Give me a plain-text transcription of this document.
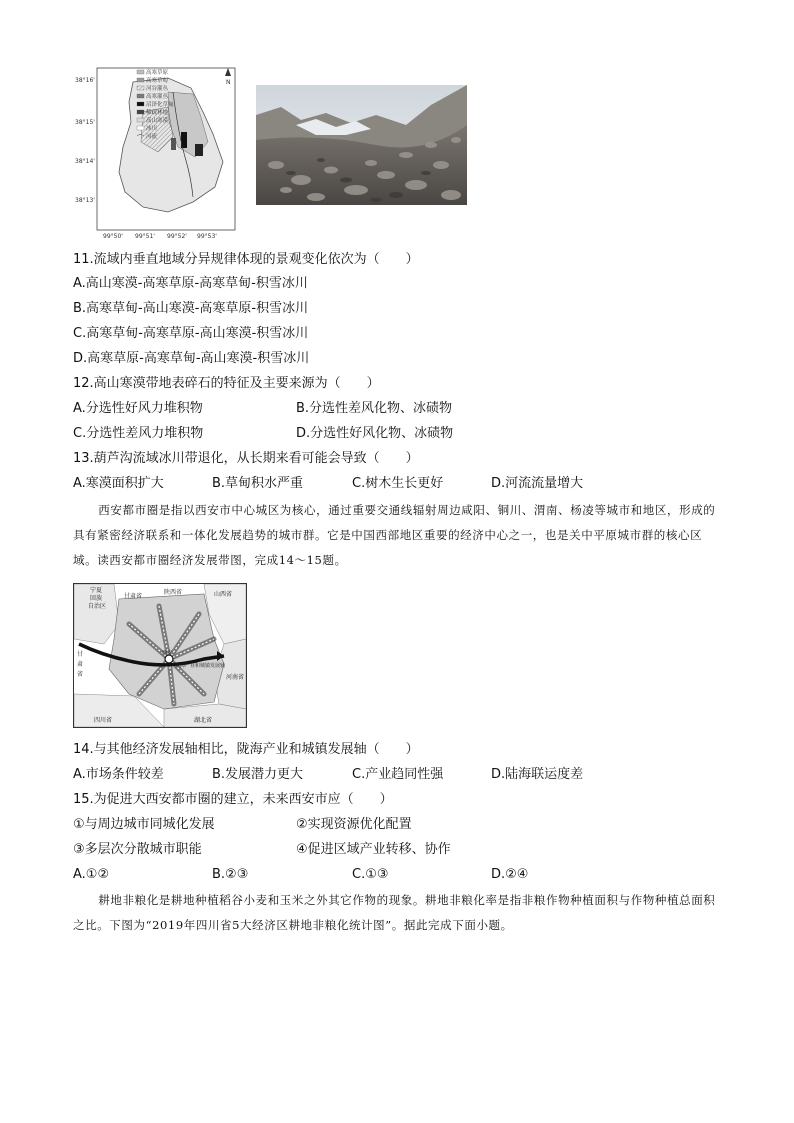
38°16'
38°15'
38°14'
38°13'
99°50' 99°51' 99°52' 99°53'
N
高寒草原
高寒草甸
河谷灌丛
高寒灌丛
沼泽化草甸
稀疏林地
高山寒漠
冰川
河流
11.流域内垂直地域分异规律体现的景观变化依次为（　　）
A.高山寒漠-高寒草原-高寒草甸-积雪冰川
B.高寒草甸-高山寒漠-高寒草原-积雪冰川
C.高寒草甸-高寒草原-高山寒漠-积雪冰川
D.高寒草原-高寒草甸-高山寒漠-积雪冰川
12.高山寒漠带地表碎石的特征及主要来源为（　　）
A.分选性好风力堆积物	B.分选性差风化物、冰碛物
C.分选性差风力堆积物	D.分选性好风化物、冰碛物
13.葫芦沟流域冰川带退化，从长期来看可能会导致（　　）
A.寒漠面积扩大	B.草甸积水严重	C.树木生长更好	D.河流流量增大
西安都市圈是指以西安市中心城区为核心，通过重要交通线辐射周边咸阳、铜川、渭南、杨凌等城市和地区，形成的具有紧密经济联系和一体化发展趋势的城市群。它是中国西部地区重要的经济中心之一，也是关中平原城市群的核心区域。读西安都市圈经济发展带图，完成14～15题。
宁夏
回族
自治区
甘肃省
陕西省	山西省
河南省
四川省	湖北省
甘
肃
省
陇海产业和城镇发展轴
西安
14.与其他经济发展轴相比，陇海产业和城镇发展轴（　　）
A.市场条件较差	B.发展潜力更大	C.产业趋同性强	D.陆海联运度差
15.为促进大西安都市圈的建立，未来西安市应（　　）
①与周边城市同城化发展	②实现资源优化配置
③多层次分散城市职能	④促进区域产业转移、协作
A.①②	B.②③	C.①③	D.②④
耕地非粮化是耕地种植稻谷小麦和玉米之外其它作物的现象。耕地非粮化率是指非粮作物种植面积与作物种植总面积之比。下图为“2019年四川省5大经济区耕地非粮化统计图”。据此完成下面小题。
